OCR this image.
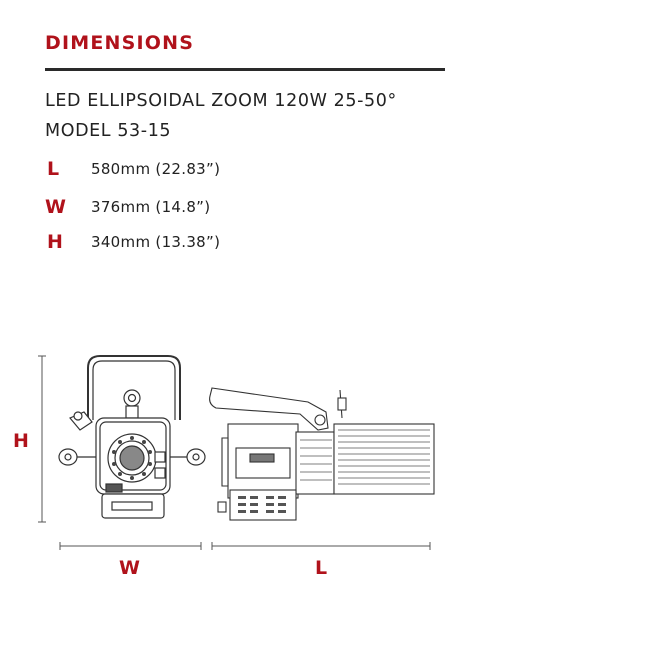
DIMENSIONS
LED ELLIPSOIDAL ZOOM 120W 25-50°
MODEL 53-15
L	580mm (22.83”)
W	376mm (14.8”)
H	340mm (13.38”)
H
W	L
